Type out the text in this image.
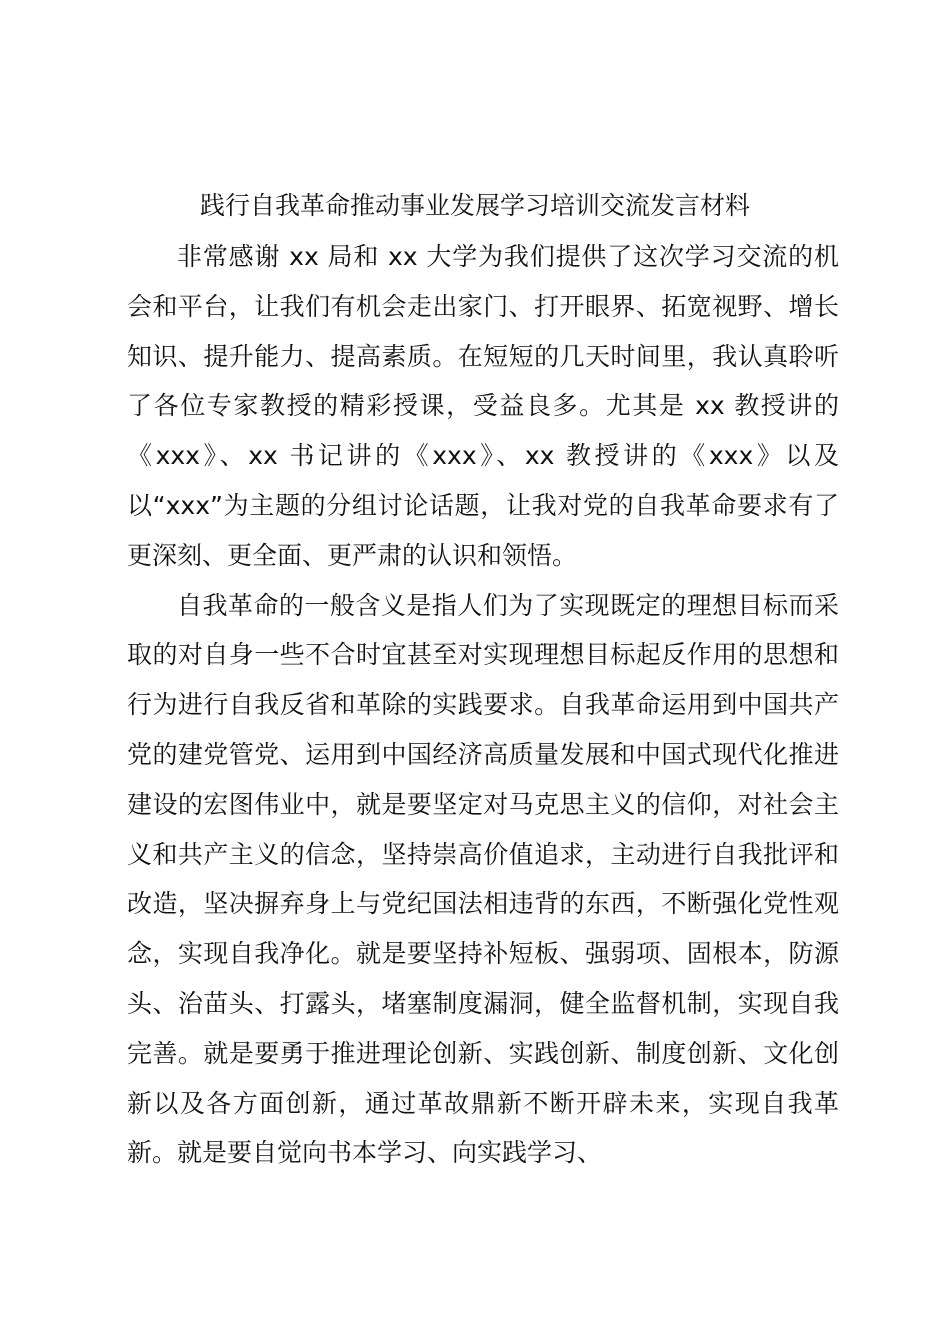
践行自我革命推动事业发展学习培训交流发言材料

非常感谢 xx 局和 xx 大学为我们提供了这次学习交流的机会和平台，让我们有机会走出家门、打开眼界、拓宽视野、增长知识、提升能力、提高素质。在短短的几天时间里，我认真聆听了各位专家教授的精彩授课，受益良多。尤其是 xx 教授讲的《xxx》、xx 书记讲的《xxx》、xx 教授讲的《xxx》以及以“xxx”为主题的分组讨论话题，让我对党的自我革命要求有了更深刻、更全面、更严肃的认识和领悟。

自我革命的一般含义是指人们为了实现既定的理想目标而采取的对自身一些不合时宜甚至对实现理想目标起反作用的思想和行为进行自我反省和革除的实践要求。自我革命运用到中国共产党的建党管党、运用到中国经济高质量发展和中国式现代化推进建设的宏图伟业中，就是要坚定对马克思主义的信仰，对社会主义和共产主义的信念，坚持崇高价值追求，主动进行自我批评和改造，坚决摒弃身上与党纪国法相违背的东西，不断强化党性观念，实现自我净化。就是要坚持补短板、强弱项、固根本，防源头、治苗头、打露头，堵塞制度漏洞，健全监督机制，实现自我完善。就是要勇于推进理论创新、实践创新、制度创新、文化创新以及各方面创新，通过革故鼎新不断开辟未来，实现自我革新。就是要自觉向书本学习、向实践学习、
